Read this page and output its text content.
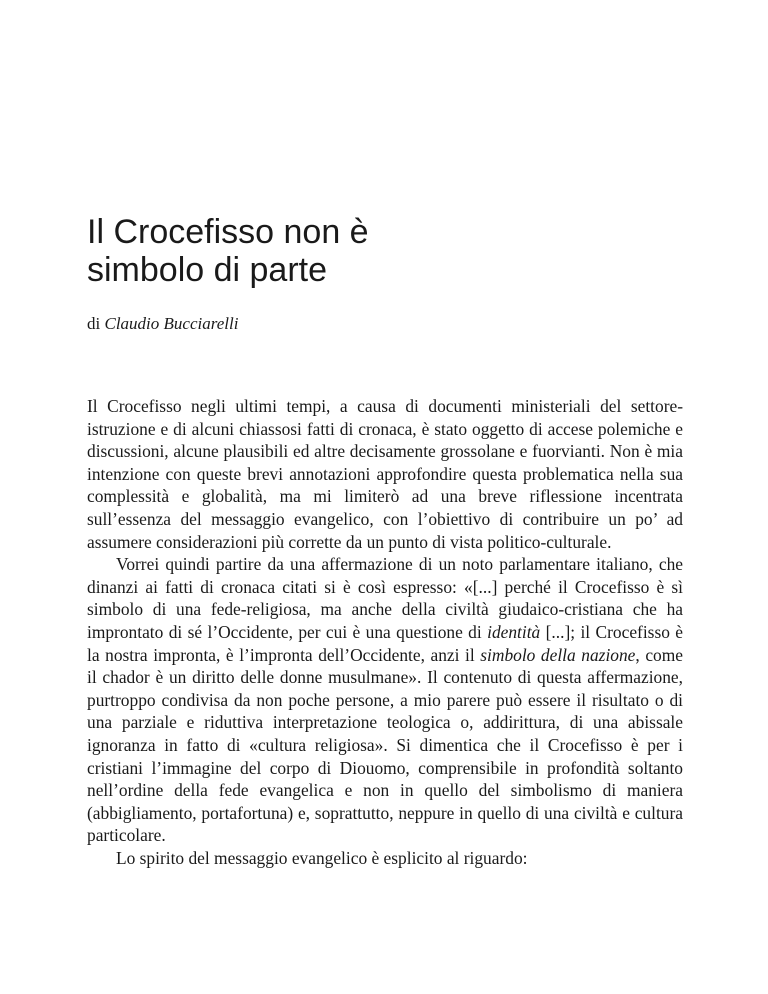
Il Crocefisso non è
simbolo di parte
di Claudio Bucciarelli

Il Crocefisso negli ultimi tempi, a causa di documenti ministeriali del settore-istruzione e di alcuni chiassosi fatti di cronaca, è stato oggetto di accese polemiche e discussioni, alcune plausibili ed altre decisamente grossolane e fuorvianti. Non è mia intenzione con queste brevi annotazioni approfondire questa problematica nella sua complessità e globalità, ma mi limiterò ad una breve riflessione incentrata sull’essenza del messaggio evangelico, con l’obiettivo di contribuire un po’ ad assumere considerazioni più corrette da un punto di vista politico-culturale.

Vorrei quindi partire da una affermazione di un noto parlamentare italiano, che dinanzi ai fatti di cronaca citati si è così espresso: «[...] perché il Crocefisso è sì simbolo di una fede-religiosa, ma anche della civiltà giudaico-cristiana che ha improntato di sé l’Occidente, per cui è una questione di identità [...]; il Crocefisso è la nostra impronta, è l’impronta dell’Occidente, anzi il simbolo della nazione, come il chador è un diritto delle donne musulmane». Il contenuto di questa affermazione, purtroppo condivisa da non poche persone, a mio parere può essere il risultato o di una parziale e riduttiva interpretazione teologica o, addirittura, di una abissale ignoranza in fatto di «cultura religiosa». Si dimentica che il Crocefisso è per i cristiani l’immagine del corpo di Diouomo, comprensibile in profondità soltanto nell’ordine della fede evangelica e non in quello del simbolismo di maniera (abbigliamento, portafortuna) e, soprattutto, neppure in quello di una civiltà e cultura particolare.

Lo spirito del messaggio evangelico è esplicito al riguardo:
